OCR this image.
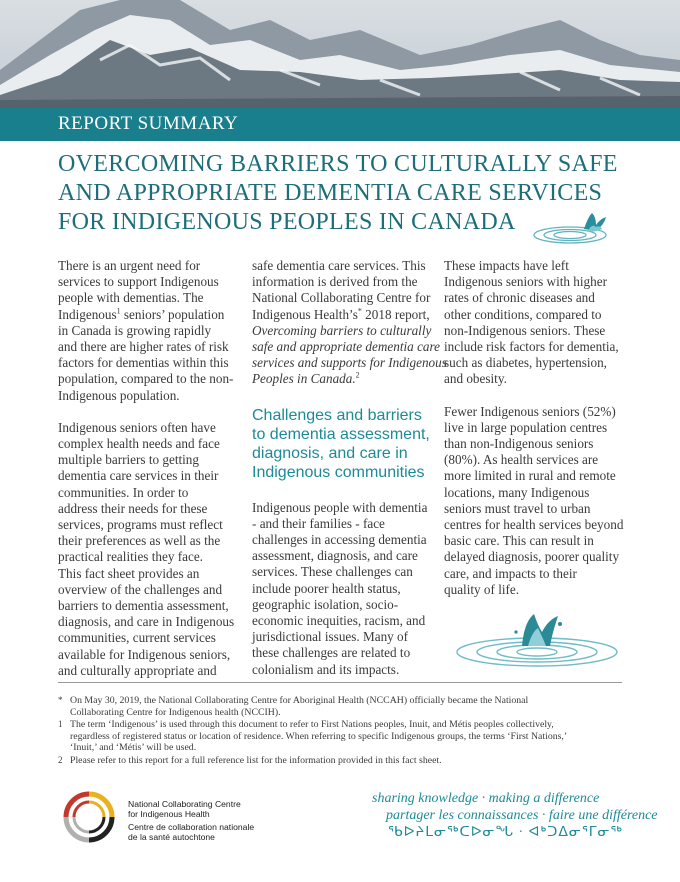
REPORT SUMMARY
OVERCOMING BARRIERS TO CULTURALLY SAFE
AND APPROPRIATE DEMENTIA CARE SERVICES
FOR INDIGENOUS PEOPLES IN CANADA

There is an urgent need for
services to support Indigenous
people with dementias. The
Indigenous$^1$ seniors’ population
in Canada is growing rapidly
and there are higher rates of risk
factors for dementias within this
population, compared to the non-
Indigenous population.

Indigenous seniors often have
complex health needs and face
multiple barriers to getting
dementia care services in their
communities. In order to
address their needs for these
services, programs must reflect
their preferences as well as the
practical realities they face.
This fact sheet provides an
overview of the challenges and
barriers to dementia assessment,
diagnosis, and care in Indigenous
communities, current services
available for Indigenous seniors,
and culturally appropriate and

safe dementia care services. This
information is derived from the
National Collaborating Centre for
Indigenous Health’s* 2018 report,
Overcoming barriers to culturally
safe and appropriate dementia care
services and supports for Indigenous
Peoples in Canada.$^2$

Challenges and barriers
to dementia assessment,
diagnosis, and care in
Indigenous communities

Indigenous people with dementia
- and their families - face
challenges in accessing dementia
assessment, diagnosis, and care
services. These challenges can
include poorer health status,
geographic isolation, socio-
economic inequities, racism, and
jurisdictional issues. Many of
these challenges are related to
colonialism and its impacts.

These impacts have left
Indigenous seniors with higher
rates of chronic diseases and
other conditions, compared to
non-Indigenous seniors. These
include risk factors for dementia,
such as diabetes, hypertension,
and obesity.

Fewer Indigenous seniors (52%)
live in large population centres
than non-Indigenous seniors
(80%). As health services are
more limited in rural and remote
locations, many Indigenous
seniors must travel to urban
centres for health services beyond
basic care. This can result in
delayed diagnosis, poorer quality
care, and impacts to their
quality of life.

* On May 30, 2019, the National Collaborating Centre for Aboriginal Health (NCCAH) officially became the National
Collaborating Centre for Indigenous health (NCCIH).
1 The term ‘Indigenous’ is used through this document to refer to First Nations peoples, Inuit, and Métis peoples collectively,
regardless of registered status or location of residence. When referring to specific Indigenous groups, the terms ‘First Nations,’
‘Inuit,’ and ‘Métis’ will be used.
2 Please refer to this report for a full reference list for the information provided in this fact sheet.
National Collaborating Centre
for Indigenous Health
Centre de collaboration nationale
de la santé autochtone
sharing knowledge · making a difference
partager les connaissances · faire une différence
ᖃᐅᔨᒪᓂᖅᑕᐅᓂᖓ · ᐊᒃᑐᐃᓂᕐᒥᓂᖅ
